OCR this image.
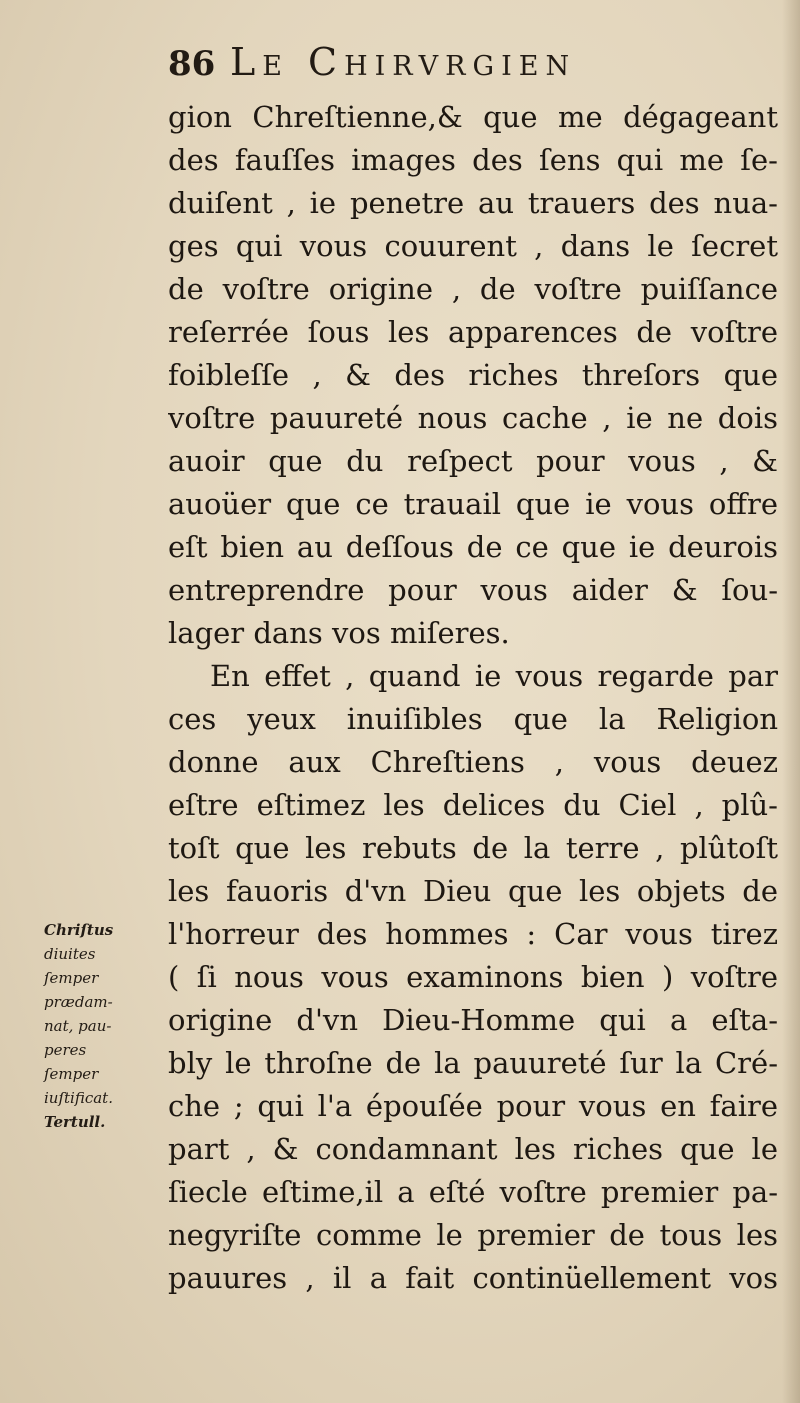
86 Le Chirvrgien
gion Chreſtienne,& que me dégageant
des fauſſes images des ſens qui me ſe-
duiſent , ie penetre au trauers des nua-
ges qui vous couurent , dans le ſecret
de voſtre origine , de voſtre puiſſance
reſerrée ſous les apparences de voſtre
foibleſſe , & des riches threſors que
voſtre pauureté nous cache , ie ne dois
auoir que du reſpect pour vous , &
auoüer que ce trauail que ie vous offre
eſt bien au deſſous de ce que ie deurois
entreprendre pour vous aider & ſou-
lager dans vos miſeres.
En effet , quand ie vous regarde par
ces yeux inuiſibles que la Religion
donne aux Chreſtiens , vous deuez
eſtre eſtimez les delices du Ciel , plû-
toſt que les rebuts de la terre , plûtoſt
les fauoris d'vn Dieu que les objets de
l'horreur des hommes : Car vous tirez
( ſi nous vous examinons bien ) voſtre
origine d'vn Dieu-Homme qui a eſta-
bly le throſne de la pauureté ſur la Cré-
che ; qui l'a épouſée pour vous en faire
part , & condamnant les riches que le
ſiecle eſtime,il a eſté voſtre premier pa-
negyriſte comme le premier de tous les
pauures , il a fait continüellement vos
Chriſtus
diuites
ſemper
prædam-
nat, pau-
peres
ſemper
iuſtificat.
Tertull.
